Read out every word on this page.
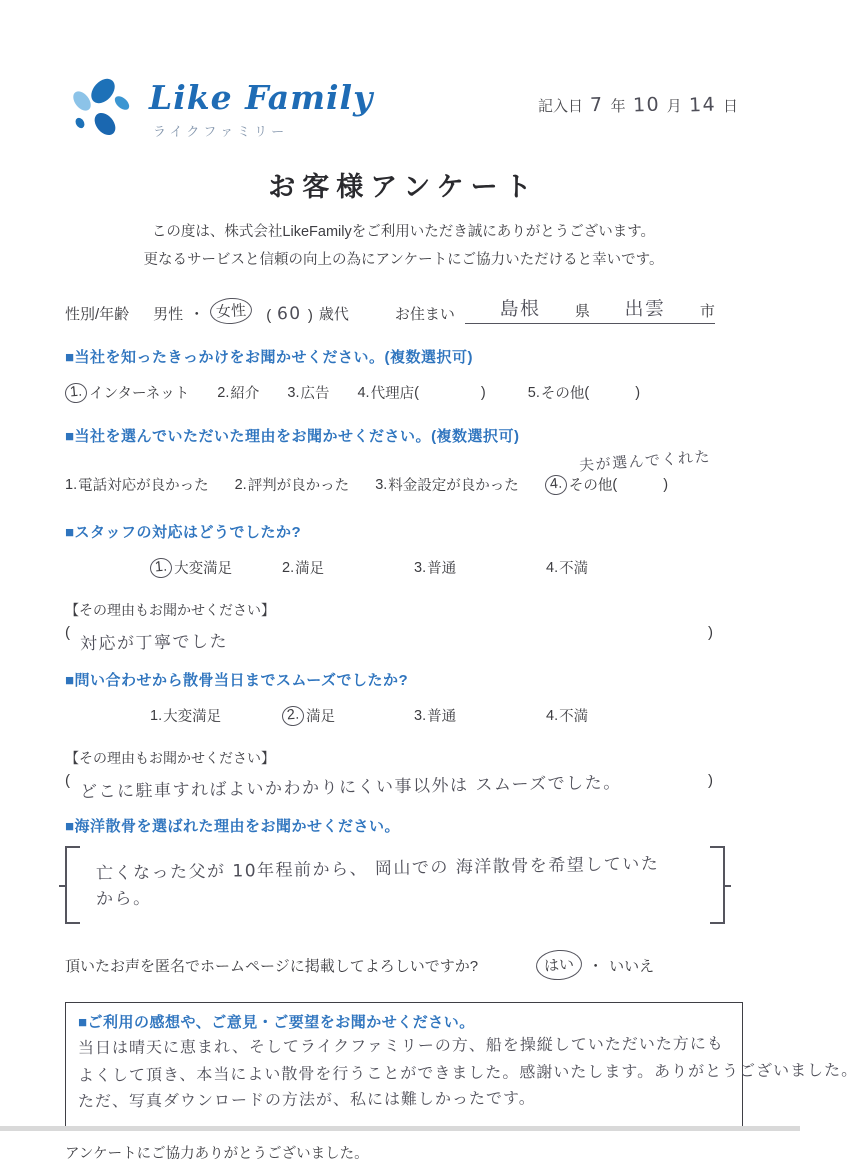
Like Family
ライクファミリー
記入日 7 年 10 月 14 日
お客様アンケート
この度は、株式会社LikeFamilyをご利用いただき誠にありがとうございます。
更なるサービスと信頼の向上の為にアンケートにご協力いただけると幸いです。
性別/年齢 男性 ・ 女性	( 60 ) 歳代	お住まい	島根	県	出雲	市
■当社を知ったきっかけをお聞かせください。(複数選択可)
1. インターネット 2. 紹介 3. 広告 4. 代理店 (	)	5. その他 (	)
■当社を選んでいただいた理由をお聞かせください。(複数選択可)
1. 電話対応が良かった 2. 評判が良かった 3. 料金設定が良かった
夫が選んでくれた
4. その他 (	)
■スタッフの対応はどうでしたか?
1. 大変満足	2. 満足	3. 普通	4. 不満
【その理由もお聞かせください】
( 対応が丁寧でした	)
■問い合わせから散骨当日までスムーズでしたか?
1. 大変満足	2. 満足	3. 普通	4. 不満
【その理由もお聞かせください】
( どこに駐車すればよいかわかりにくい事以外は スムーズでした。	)
■海洋散骨を選ばれた理由をお聞かせください。
亡くなった父が 10年程前から、 岡山での 海洋散骨を希望していた から。
頂いたお声を匿名でホームページに掲載してよろしいですか?	はい ・ いいえ
■ご利用の感想や、ご意見・ご要望をお聞かせください。
当日は晴天に恵まれ、そしてライクファミリーの方、船を操縦していただいた方にも よくして頂き、本当によい散骨を行うことができました。感謝いたします。ありがとうございました。 ただ、写真ダウンロードの方法が、私には難しかったです。
アンケートにご協力ありがとうございました。
